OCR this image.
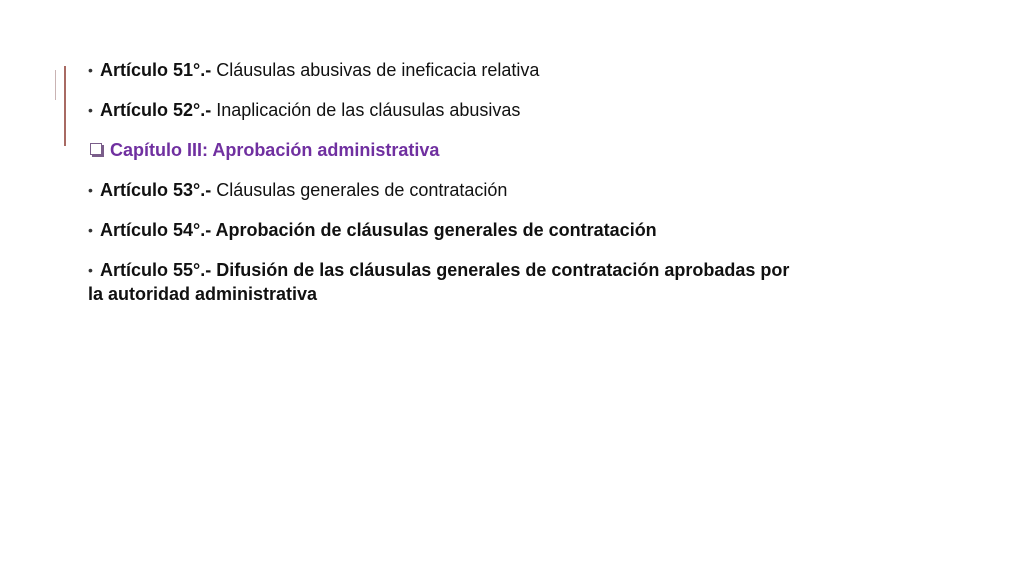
• Artículo 51°.- Cláusulas abusivas de ineficacia relativa
• Artículo 52°.- Inaplicación de las cláusulas abusivas
Capítulo III: Aprobación administrativa
• Artículo 53°.- Cláusulas generales de contratación
• Artículo 54°.- Aprobación de cláusulas generales de contratación
• Artículo 55°.- Difusión de las cláusulas generales de contratación aprobadas por
la autoridad administrativa
